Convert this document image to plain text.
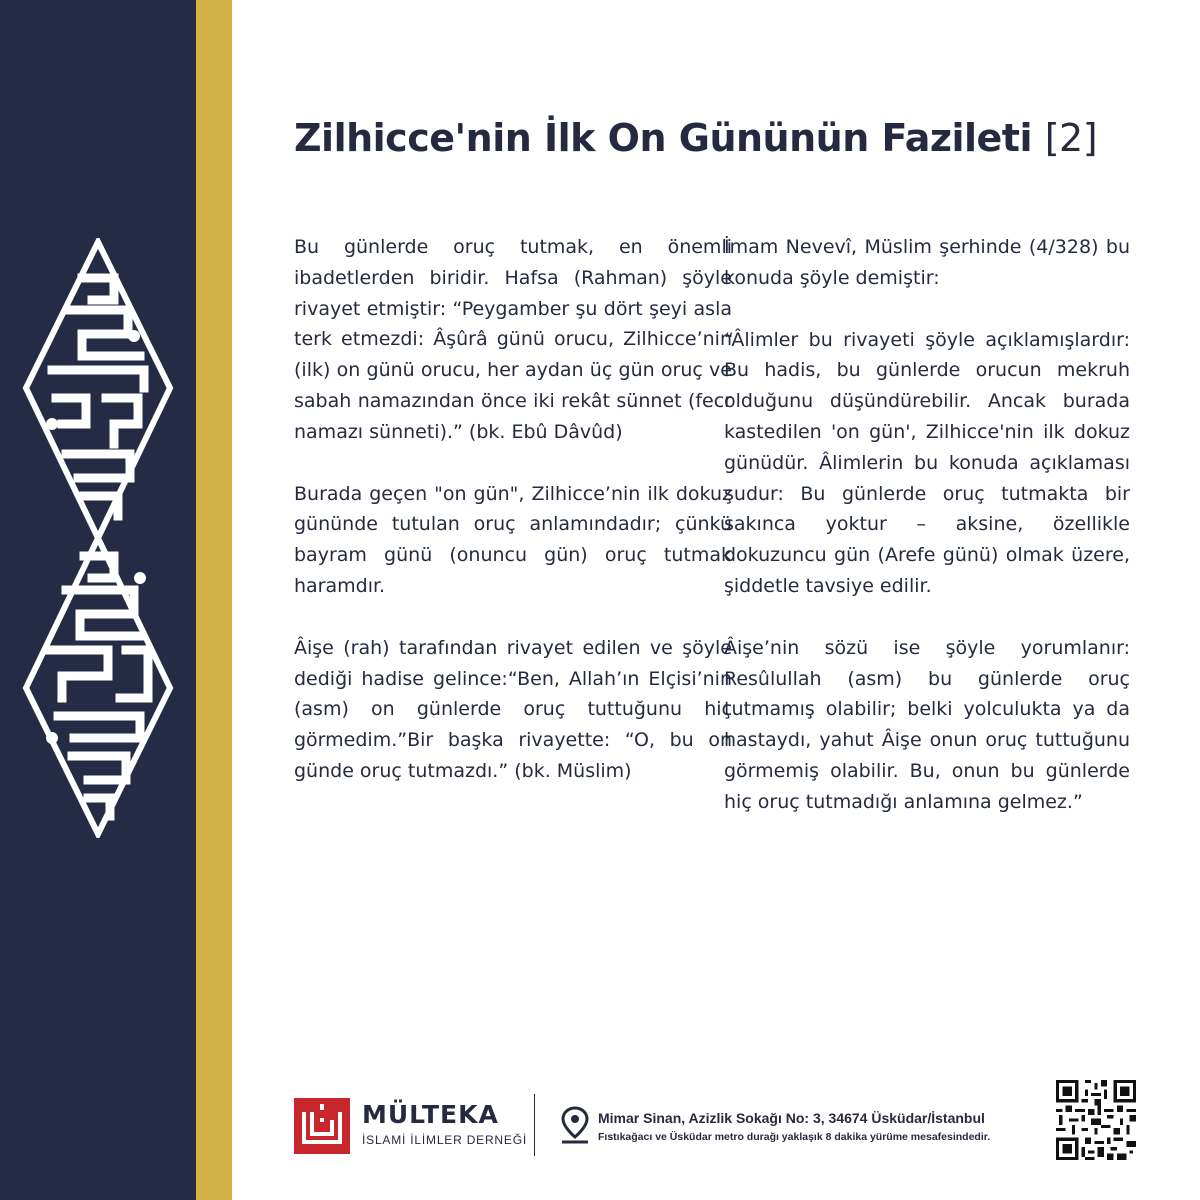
Zilhicce'nin İlk On Gününün Fazileti [2]

Bu günlerde oruç tutmak, en önemli ibadetlerden biridir. Hafsa (Rahman) şöyle rivayet etmiştir: “Peygamber şu dört şeyi asla terk etmezdi: Âşûrâ günü orucu, Zilhicce’nin (ilk) on günü orucu, her aydan üç gün oruç ve sabah namazından önce iki rekât sünnet (fecr namazı sünneti).” (bk. Ebû Dâvûd)

Burada geçen "on gün", Zilhicce’nin ilk dokuz gününde tutulan oruç anlamındadır; çünkü bayram günü (onuncu gün) oruç tutmak haramdır.

Âişe (rah) tarafından rivayet edilen ve şöyle dediği hadise gelince:“Ben, Allah’ın Elçisi’nin (asm) on günlerde oruç tuttuğunu hiç görmedim.”Bir başka rivayette: “O, bu on günde oruç tutmazdı.” (bk. Müslim)

İmam Nevevî, Müslim şerhinde (4/328) bu konuda şöyle demiştir:

“Âlimler bu rivayeti şöyle açıklamışlardır: Bu hadis, bu günlerde orucun mekruh olduğunu düşündürebilir. Ancak burada kastedilen 'on gün', Zilhicce'nin ilk dokuz günüdür. Âlimlerin bu konuda açıklaması şudur: Bu günlerde oruç tutmakta bir sakınca yoktur – aksine, özellikle dokuzuncu gün (Arefe günü) olmak üzere, şiddetle tavsiye edilir.

Âişe’nin sözü ise şöyle yorumlanır: Resûlullah (asm) bu günlerde oruç tutmamış olabilir; belki yolculukta ya da hastaydı, yahut Âişe onun oruç tuttuğunu görmemiş olabilir. Bu, onun bu günlerde hiç oruç tutmadığı anlamına gelmez.”

MÜLTEKA
İSLAMİ İLİMLER DERNEĞİ
Mimar Sinan, Azizlik Sokağı No: 3, 34674 Üsküdar/İstanbul
Fıstıkağacı ve Üsküdar metro durağı yaklaşık 8 dakika yürüme mesafesindedir.
